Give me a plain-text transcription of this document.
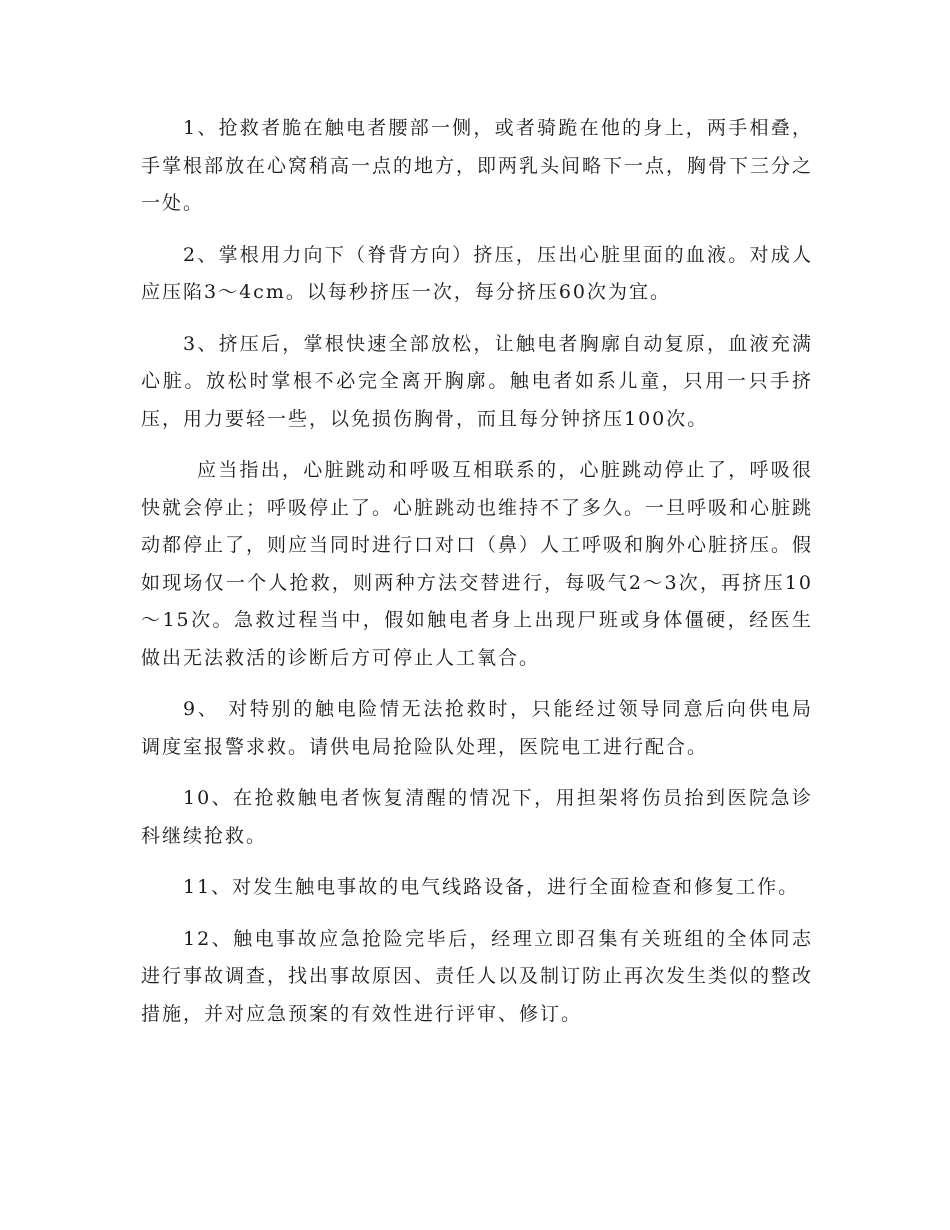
1、抢救者脆在触电者腰部一侧，或者骑跪在他的身上，两手相叠，手掌根部放在心窝稍高一点的地方，即两乳头间略下一点，胸骨下三分之一处。

2、掌根用力向下（脊背方向）挤压，压出心脏里面的血液。对成人应压陷3～4cm。以每秒挤压一次，每分挤压60次为宜。

3、挤压后，掌根快速全部放松，让触电者胸廓自动复原，血液充满心脏。放松时掌根不必完全离开胸廓。触电者如系儿童，只用一只手挤压，用力要轻一些，以免损伤胸骨，而且每分钟挤压100次。

应当指出，心脏跳动和呼吸互相联系的，心脏跳动停止了，呼吸很快就会停止；呼吸停止了。心脏跳动也维持不了多久。一旦呼吸和心脏跳动都停止了，则应当同时进行口对口（鼻）人工呼吸和胸外心脏挤压。假如现场仅一个人抢救，则两种方法交替进行，每吸气2～3次，再挤压10～15次。急救过程当中，假如触电者身上出现尸班或身体僵硬，经医生做出无法救活的诊断后方可停止人工氧合。

9、 对特别的触电险情无法抢救时，只能经过领导同意后向供电局调度室报警求救。请供电局抢险队处理，医院电工进行配合。

10、在抢救触电者恢复清醒的情况下，用担架将伤员抬到医院急诊科继续抢救。

11、对发生触电事故的电气线路设备，进行全面检查和修复工作。

12、触电事故应急抢险完毕后，经理立即召集有关班组的全体同志进行事故调查，找出事故原因、责任人以及制订防止再次发生类似的整改措施，并对应急预案的有效性进行评审、修订。
